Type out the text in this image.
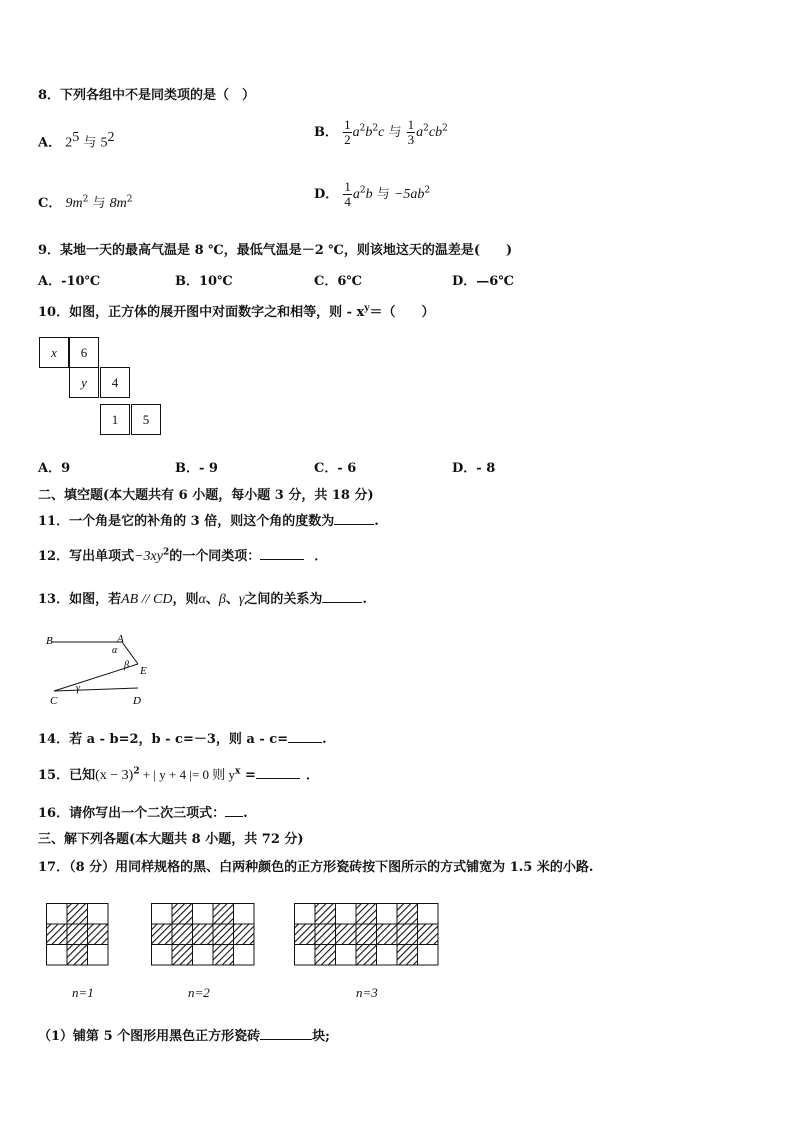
8．下列各组中不是同类项的是（　）
A． $2^5$ 与 $5^2$	B． $\frac{1}{2} a^2b^2c$ 与 $\frac{1}{3} a^2cb^2$
C． $9m^2$ 与 $8m^2$	D． $\frac{1}{4} a^2b$ 与 $-5ab^2$
9．某地一天的最高气温是 8 ℃，最低气温是－2 ℃，则该地这天的温差是(　　)
A．-10℃	B．10℃	C．6℃	D．—6℃
10．如图，正方体的展开图中对面数字之和相等，则 - $x^y=$（　　）
x 6
y 4
1 5
A．9	B．- 9	C．- 6	D．- 8
二、填空题(本大题共有 6 小题，每小题 3 分，共 18 分)
11．一个角是它的补角的 3 倍，则这个角的度数为	.
12．写出单项式$-3xy^2$的一个同类项：	．
13．如图，若AB // CD，则α、β、γ之间的关系为	.
B	A
E
C	D
α
β
γ
14．若 a - b=2，b - c=－3，则 a - c=	.
15．已知$(x - 3)^2$ + | y + 4 |= 0 则 $y^x$ =	．
16．请你写出一个二次三项式： .
三、解下列各题(本大题共 8 小题，共 72 分)
17．（8 分）用同样规格的黑、白两种颜色的正方形瓷砖按下图所示的方式铺宽为 1.5 米的小路.
n=1	n=2	n=3
（1）铺第 5 个图形用黑色正方形瓷砖	块;
